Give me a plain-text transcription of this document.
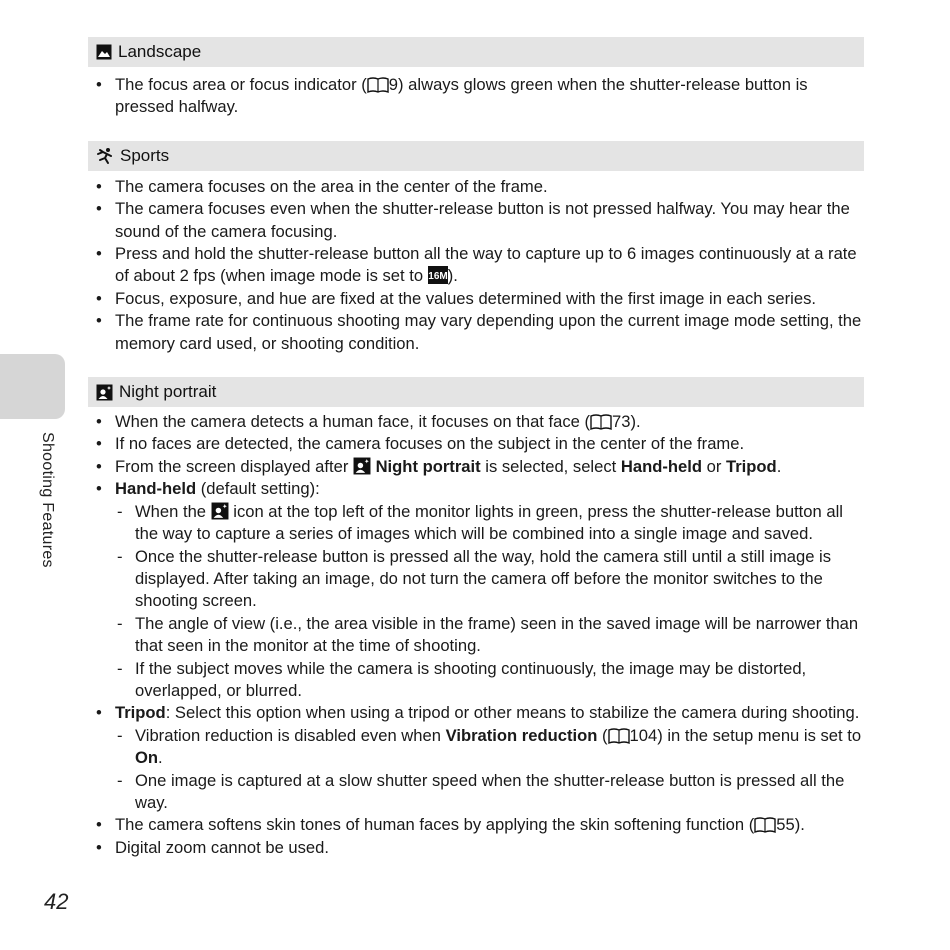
Shooting Features
Landscape
• The focus area or focus indicator ( 9) always glows green when the shutter-release button is pressed halfway.
Sports
• The camera focuses on the area in the center of the frame.
• The camera focuses even when the shutter-release button is not pressed halfway. You may hear the sound of the camera focusing.
• Press and hold the shutter-release button all the way to capture up to 6 images continuously at a rate of about 2 fps (when image mode is set to 16M ).
• Focus, exposure, and hue are fixed at the values determined with the first image in each series.
• The frame rate for continuous shooting may vary depending upon the current image mode setting, the memory card used, or shooting condition.
Night portrait
• When the camera detects a human face, it focuses on that face ( 73).
• If no faces are detected, the camera focuses on the subject in the center of the frame.
• From the screen displayed after  Night portrait is selected, select Hand-held or Tripod.
• Hand-held (default setting):
- When the  icon at the top left of the monitor lights in green, press the shutter-release button all the way to capture a series of images which will be combined into a single image and saved.
- Once the shutter-release button is pressed all the way, hold the camera still until a still image is displayed. After taking an image, do not turn the camera off before the monitor switches to the shooting screen.
- The angle of view (i.e., the area visible in the frame) seen in the saved image will be narrower than that seen in the monitor at the time of shooting.
- If the subject moves while the camera is shooting continuously, the image may be distorted, overlapped, or blurred.
• Tripod: Select this option when using a tripod or other means to stabilize the camera during shooting.
- Vibration reduction is disabled even when Vibration reduction ( 104) in the setup menu is set to On.
- One image is captured at a slow shutter speed when the shutter-release button is pressed all the way.
• The camera softens skin tones of human faces by applying the skin softening function ( 55).
• Digital zoom cannot be used.
42
